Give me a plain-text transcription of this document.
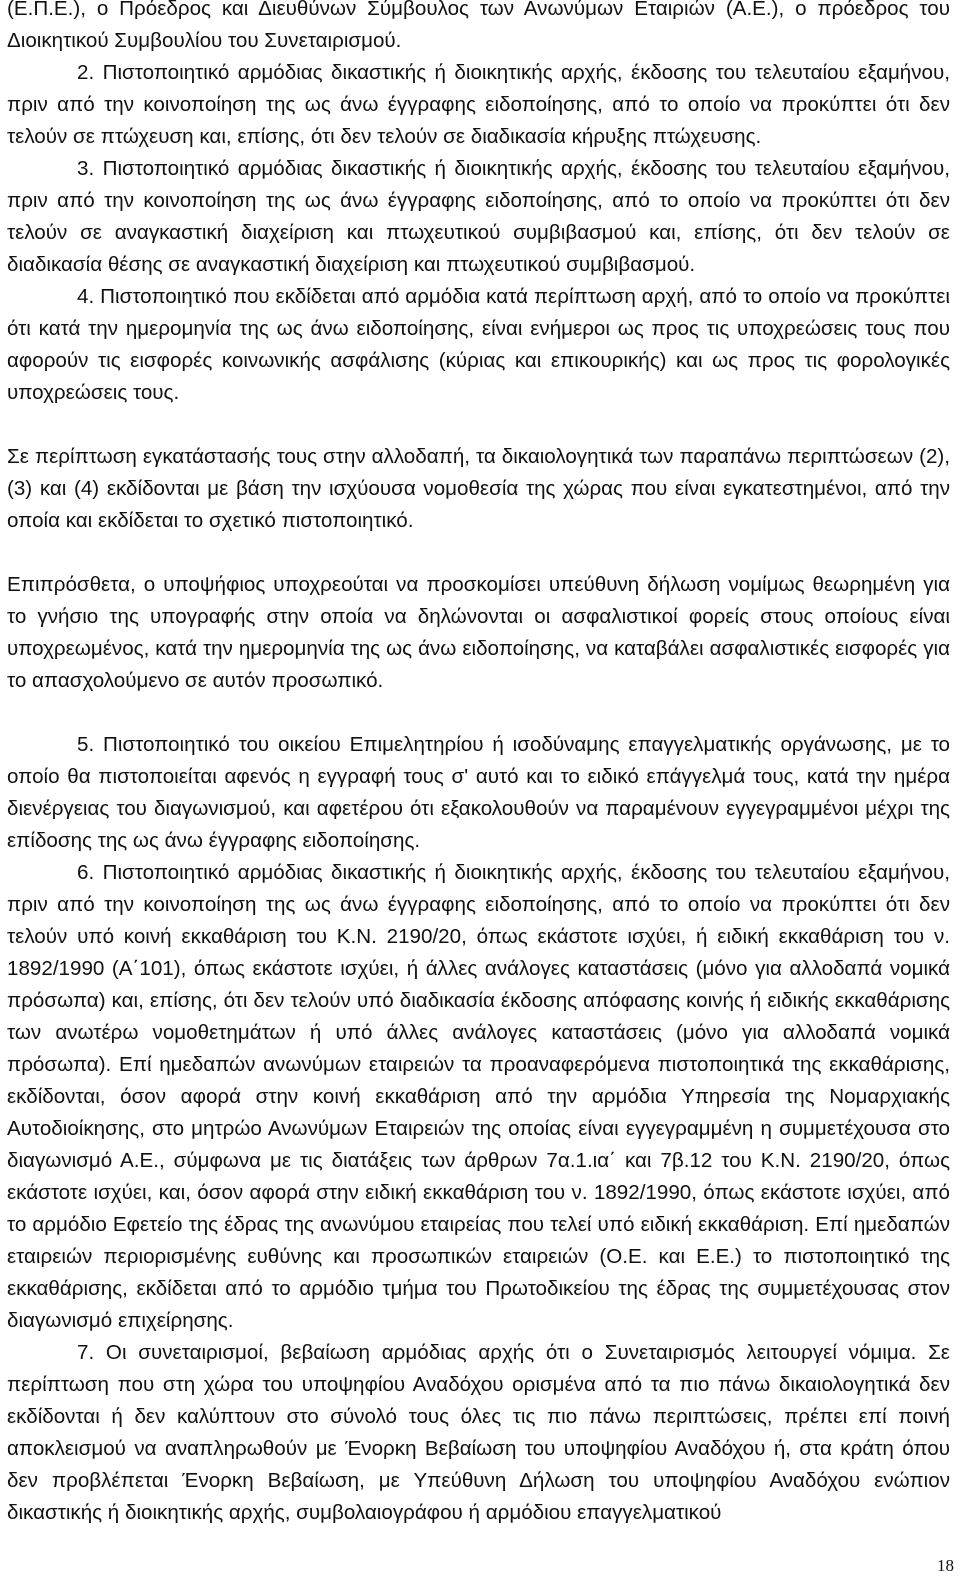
(Ε.Π.Ε.), ο Πρόεδρος και Διευθύνων Σύμβουλος των Ανωνύμων Εταιριών (Α.Ε.), ο πρόεδρος του Διοικητικού Συμβουλίου του Συνεταιρισμού.

2. Πιστοποιητικό αρμόδιας δικαστικής ή διοικητικής αρχής, έκδοσης του τελευταίου εξαμήνου, πριν από την κοινοποίηση της ως άνω έγγραφης ειδοποίησης, από το οποίο να προκύπτει ότι δεν τελούν σε πτώχευση και, επίσης, ότι δεν τελούν σε διαδικασία κήρυξης πτώχευσης.

3. Πιστοποιητικό αρμόδιας δικαστικής ή διοικητικής αρχής, έκδοσης του τελευταίου εξαμήνου, πριν από την κοινοποίηση της ως άνω έγγραφης ειδοποίησης, από το οποίο να προκύπτει ότι δεν τελούν σε αναγκαστική διαχείριση και πτωχευτικού συμβιβασμού και, επίσης, ότι δεν τελούν σε διαδικασία θέσης σε αναγκαστική διαχείριση και πτωχευτικού συμβιβασμού.

4. Πιστοποιητικό που εκδίδεται από αρμόδια κατά περίπτωση αρχή, από το οποίο να προκύπτει ότι κατά την ημερομηνία της ως άνω ειδοποίησης, είναι ενήμεροι ως προς τις υποχρεώσεις τους που αφορούν τις εισφορές κοινωνικής ασφάλισης (κύριας και επικουρικής) και ως προς τις φορολογικές υποχρεώσεις τους.

Σε περίπτωση εγκατάστασής τους στην αλλοδαπή, τα δικαιολογητικά των παραπάνω περιπτώσεων (2), (3) και (4) εκδίδονται με βάση την ισχύουσα νομοθεσία της χώρας που είναι εγκατεστημένοι, από την οποία και εκδίδεται το σχετικό πιστοποιητικό.

Επιπρόσθετα, ο υποψήφιος υποχρεούται να προσκομίσει υπεύθυνη δήλωση νομίμως θεωρημένη για το γνήσιο της υπογραφής στην οποία να δηλώνονται οι ασφαλιστικοί φορείς στους οποίους είναι υποχρεωμένος, κατά την ημερομηνία της ως άνω ειδοποίησης, να καταβάλει ασφαλιστικές εισφορές για το απασχολούμενο σε αυτόν προσωπικό.

5. Πιστοποιητικό του οικείου Επιμελητηρίου ή ισοδύναμης επαγγελματικής οργάνωσης, με το οποίο θα πιστοποιείται αφενός η εγγραφή τους σ' αυτό και το ειδικό επάγγελμά τους, κατά την ημέρα διενέργειας του διαγωνισμού, και αφετέρου ότι εξακολουθούν να παραμένουν εγγεγραμμένοι μέχρι της επίδοσης της ως άνω έγγραφης ειδοποίησης.

6. Πιστοποιητικό αρμόδιας δικαστικής ή διοικητικής αρχής, έκδοσης του τελευταίου εξαμήνου, πριν από την κοινοποίηση της ως άνω έγγραφης ειδοποίησης, από το οποίο να προκύπτει ότι δεν τελούν υπό κοινή εκκαθάριση του Κ.Ν. 2190/20, όπως εκάστοτε ισχύει, ή ειδική εκκαθάριση του ν. 1892/1990 (Α΄101), όπως εκάστοτε ισχύει, ή άλλες ανάλογες καταστάσεις (μόνο για αλλοδαπά νομικά πρόσωπα) και, επίσης, ότι δεν τελούν υπό διαδικασία έκδοσης απόφασης κοινής ή ειδικής εκκαθάρισης των ανωτέρω νομοθετημάτων ή υπό άλλες ανάλογες καταστάσεις (μόνο για αλλοδαπά νομικά πρόσωπα). Επί ημεδαπών ανωνύμων εταιρειών τα προαναφερόμενα πιστοποιητικά της εκκαθάρισης, εκδίδονται, όσον αφορά στην κοινή εκκαθάριση από την αρμόδια Υπηρεσία της Νομαρχιακής Αυτοδιοίκησης, στο μητρώο Ανωνύμων Εταιρειών της οποίας είναι εγγεγραμμένη η συμμετέχουσα στο διαγωνισμό Α.Ε., σύμφωνα με τις διατάξεις των άρθρων 7α.1.ια΄ και 7β.12 του Κ.Ν. 2190/20, όπως εκάστοτε ισχύει, και, όσον αφορά στην ειδική εκκαθάριση του ν. 1892/1990, όπως εκάστοτε ισχύει, από το αρμόδιο Εφετείο της έδρας της ανωνύμου εταιρείας που τελεί υπό ειδική εκκαθάριση. Επί ημεδαπών εταιρειών περιορισμένης ευθύνης και προσωπικών εταιρειών (Ο.Ε. και Ε.Ε.) το πιστοποιητικό της εκκαθάρισης, εκδίδεται από το αρμόδιο τμήμα του Πρωτοδικείου της έδρας της συμμετέχουσας στον διαγωνισμό επιχείρησης.

7. Οι συνεταιρισμοί, βεβαίωση αρμόδιας αρχής ότι ο Συνεταιρισμός λειτουργεί νόμιμα. Σε περίπτωση που στη χώρα του υποψηφίου Αναδόχου ορισμένα από τα πιο πάνω δικαιολογητικά δεν εκδίδονται ή δεν καλύπτουν στο σύνολό τους όλες τις πιο πάνω περιπτώσεις, πρέπει επί ποινή αποκλεισμού να αναπληρωθούν με Ένορκη Βεβαίωση του υποψηφίου Αναδόχου ή, στα κράτη όπου δεν προβλέπεται Ένορκη Βεβαίωση, με Υπεύθυνη Δήλωση του υποψηφίου Αναδόχου ενώπιον δικαστικής ή διοικητικής αρχής, συμβολαιογράφου ή αρμόδιου επαγγελματικού

18
